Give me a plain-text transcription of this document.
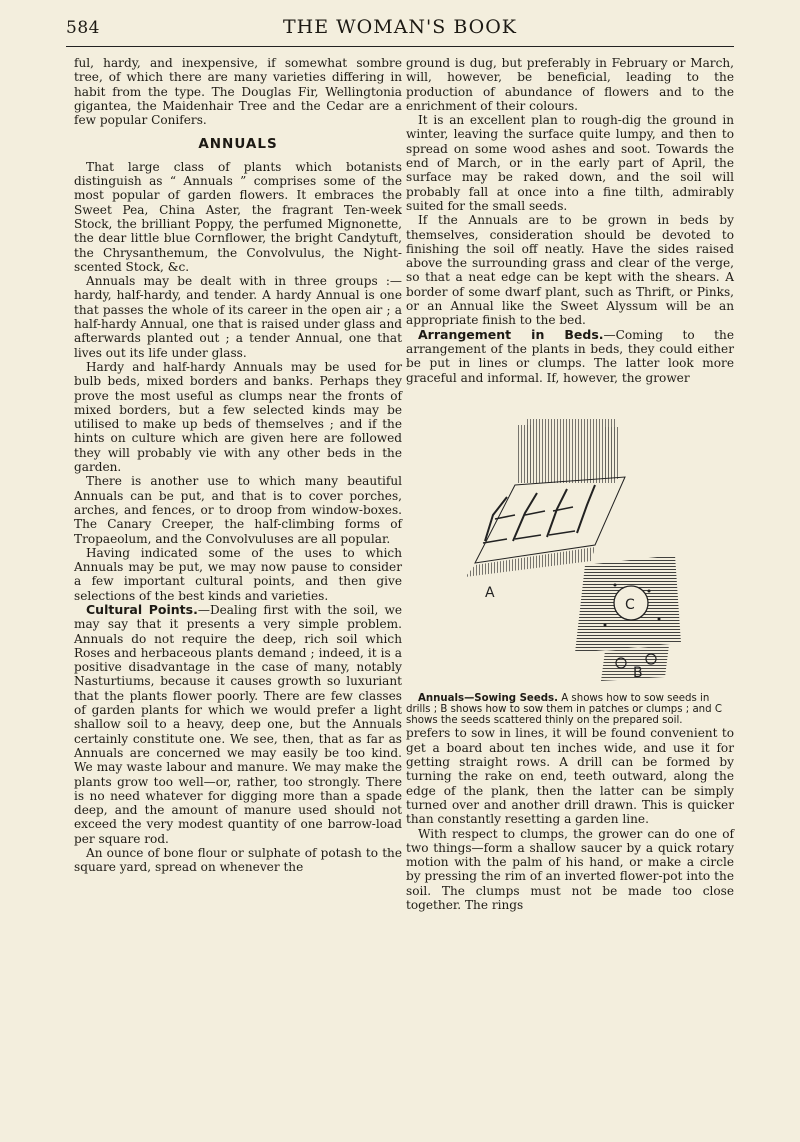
584	THE WOMAN'S BOOK

ful, hardy, and inexpensive, if somewhat sombre tree, of which there are many varieties differing in habit from the type. The Douglas Fir, Wellingtonia gigantea, the Maidenhair Tree and the Cedar are a few popular Conifers.

ANNUALS

That large class of plants which botanists distinguish as “ Annuals ” comprises some of the most popular of garden flowers. It embraces the Sweet Pea, China Aster, the fragrant Ten-week Stock, the brilliant Poppy, the perfumed Mignonette, the dear little blue Cornflower, the bright Candytuft, the Chrysanthemum, the Convolvulus, the Night-scented Stock, &c.

Annuals may be dealt with in three groups :— hardy, half-hardy, and tender. A hardy Annual is one that passes the whole of its career in the open air ; a half-hardy Annual, one that is raised under glass and afterwards planted out ; a tender Annual, one that lives out its life under glass.

Hardy and half-hardy Annuals may be used for bulb beds, mixed borders and banks. Perhaps they prove the most useful as clumps near the fronts of mixed borders, but a few selected kinds may be utilised to make up beds of themselves ; and if the hints on culture which are given here are followed they will probably vie with any other beds in the garden.

There is another use to which many beautiful Annuals can be put, and that is to cover porches, arches, and fences, or to droop from window-boxes. The Canary Creeper, the half-climbing forms of Tropaeolum, and the Convolvuluses are all popular.

Having indicated some of the uses to which Annuals may be put, we may now pause to consider a few important cultural points, and then give selections of the best kinds and varieties.

Cultural Points.—Dealing first with the soil, we may say that it presents a very simple problem. Annuals do not require the deep, rich soil which Roses and herbaceous plants demand ; indeed, it is a positive disadvantage in the case of many, notably Nasturtiums, because it causes growth so luxuriant that the plants flower poorly. There are few classes of garden plants for which we would prefer a light shallow soil to a heavy, deep one, but the Annuals certainly constitute one. We see, then, that as far as Annuals are concerned we may easily be too kind. We may waste labour and manure. We may make the plants grow too well—or, rather, too strongly. There is no need whatever for digging more than a spade deep, and the amount of manure used should not exceed the very modest quantity of one barrow-load per square rod.

An ounce of bone flour or sulphate of potash to the square yard, spread on whenever the

ground is dug, but preferably in February or March, will, however, be beneficial, leading to the production of abundance of flowers and to the enrichment of their colours.

It is an excellent plan to rough-dig the ground in winter, leaving the surface quite lumpy, and then to spread on some wood ashes and soot. Towards the end of March, or in the early part of April, the surface may be raked down, and the soil will probably fall at once into a fine tilth, admirably suited for the small seeds.

If the Annuals are to be grown in beds by themselves, consideration should be devoted to finishing the soil off neatly. Have the sides raised above the surrounding grass and clear of the verge, so that a neat edge can be kept with the shears. A border of some dwarf plant, such as Thrift, or Pinks, or an Annual like the Sweet Alyssum will be an appropriate finish to the bed.

Arrangement in Beds.—Coming to the arrangement of the plants in beds, they could either be put in lines or clumps. The latter look more graceful and informal. If, however, the grower

A
C
B

Annuals—Sowing Seeds. A shows how to sow seeds in drills ; B shows how to sow them in patches or clumps ; and C shows the seeds scattered thinly on the prepared soil.

prefers to sow in lines, it will be found convenient to get a board about ten inches wide, and use it for getting straight rows. A drill can be formed by turning the rake on end, teeth outward, along the edge of the plank, then the latter can be simply turned over and another drill drawn. This is quicker than constantly resetting a garden line.

With respect to clumps, the grower can do one of two things—form a shallow saucer by a quick rotary motion with the palm of his hand, or make a circle by pressing the rim of an inverted flower-pot into the soil. The clumps must not be made too close together. The rings
